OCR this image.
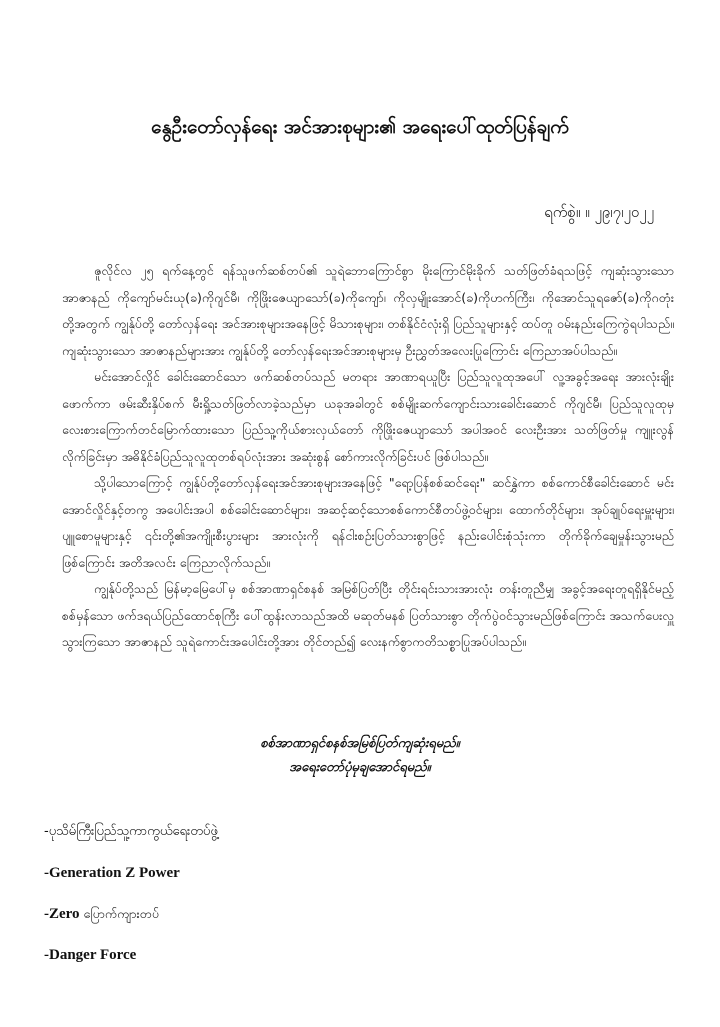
နွေဦးတော်လှန်ရေး အင်အားစုများ၏ အရေးပေါ်ထုတ်ပြန်ချက်
ရက်စွဲ။ ။ ၂၉၊၇၊၂၀၂၂

ဇူလိုင်လ ၂၅ ရက်နေ့တွင် ရန်သူဖက်ဆစ်တပ်၏ သူရဲဘောကြောင်စွာ မိုးကြောင်မိုးခိုက် သတ်ဖြတ်ခံရသဖြင့် ကျဆုံးသွားသော အာဇာနည် ကိုကျော်မင်းယု(ခ)ကိုဂျင်မီ၊ ကိုဖြိုးဇေယျာသော်(ခ)ကိုကျော်၊ ကိုလှမျိုးအောင်(ခ)ကိုဟက်ကြီး၊ ကိုအောင်သူရဇော်(ခ)ကိုဂတုံး တို့အတွက် ကျွန်ုပ်တို့ တော်လှန်ရေး အင်အားစုများအနေဖြင့် မိသားစုများ၊ တစ်နိုင်ငံလုံးရှိ ပြည်သူများနှင့် ထပ်တူ ဝမ်းနည်းကြေကွဲရပါသည်။ ကျဆုံးသွားသော အာဇာနည်များအား ကျွန်ုပ်တို့ တော်လှန်ရေးအင်အားစုများမှ ဦးညွှတ်အလေးပြုကြောင်း ကြေညာအပ်ပါသည်။

မင်းအောင်လှိုင် ခေါင်းဆောင်သော ဖက်ဆစ်တပ်သည် မတရား အာဏာရယူပြီး ပြည်သူလူထုအပေါ် လူ့အခွင့်အရေး အားလုံးချိုးဖောက်ကာ ဖမ်းဆီးနှိပ်စက် မီးရှို့သတ်ဖြတ်လာခဲ့သည်မှာ ယခုအခါတွင် စစ်မျိုးဆက်ကျောင်းသားခေါင်းဆောင် ကိုဂျင်မီ၊ ပြည်သူလူထုမှလေးစားကြောက်တင်မြောက်ထားသော ပြည်သူ့ကိုယ်စားလှယ်တော် ကိုဖြိုးဇေယျာသော် အပါအဝင် လေးဦးအား သတ်ဖြတ်မှု ကျူးလွန်လိုက်ခြင်းမှာ အဓိနိုင်ခံပြည်သူလူထုတစ်ရပ်လုံးအား အဆုံးစွန် စော်ကားလိုက်ခြင်းပင် ဖြစ်ပါသည်။

သို့ပါသောကြောင့် ကျွန်ုပ်တို့တော်လှန်ရေးအင်အားစုများအနေဖြင့် "ရော့ပြန်စစ်ဆင်ရေး" ဆင်နွှဲကာ စစ်ကောင်စီခေါင်းဆောင် မင်းအောင်လှိုင်နှင့်တကွ အပေါင်းအပါ စစ်ခေါင်းဆောင်များ၊ အဆင့်ဆင့်သောစစ်ကောင်စီတပ်ဖွဲ့ဝင်များ၊ ထောက်တိုင်များ၊ အုပ်ချုပ်ရေးမှူးများ၊ ပျူစောမူများနှင့် ၎င်းတို့၏အကျိုးစီးပွားများ အားလုံးကို ရန်ငါးစဥ်းပြတ်သားစွာဖြင့် နည်းပေါင်းစုံသုံးကာ တိုက်ခိုက်ချေမှုန်းသွားမည်ဖြစ်ကြောင်း အတိအလင်း ကြေညာလိုက်သည်။

ကျွန်ုပ်တို့သည် မြန်မာ့မြေပေါ်မှ စစ်အာဏာရှင်စနစ် အမြစ်ပြတ်ပြီး တိုင်းရင်းသားအားလုံး တန်းတူညီမျှ အခွင့်အရေးတူရရှိနိုင်မည့် စစ်မှန်သော ဖက်ဒရယ်ပြည်ထောင်စုကြီး ပေါ်ထွန်းလာသည်အထိ မဆုတ်မနစ် ပြတ်သားစွာ တိုက်ပွဲဝင်သွားမည်ဖြစ်ကြောင်း အသက်ပေးလှူသွားကြသော အာဇာနည် သူရဲကောင်းအပေါင်းတို့အား တိုင်တည်၍ လေးနက်စွာကတိသစ္စာပြုအပ်ပါသည်။

စစ်အာဏာရှင်စနစ်အမြစ်ပြတ်ကျဆုံးရမည်။
အရေးတော်ပုံမုချအောင်ရမည်။
-ပုသိမ်ကြီးပြည်သူ့ကာကွယ်ရေးတပ်ဖွဲ့
-Generation Z Power
-Zero ပြောက်ကျားတပ်
-Danger Force
